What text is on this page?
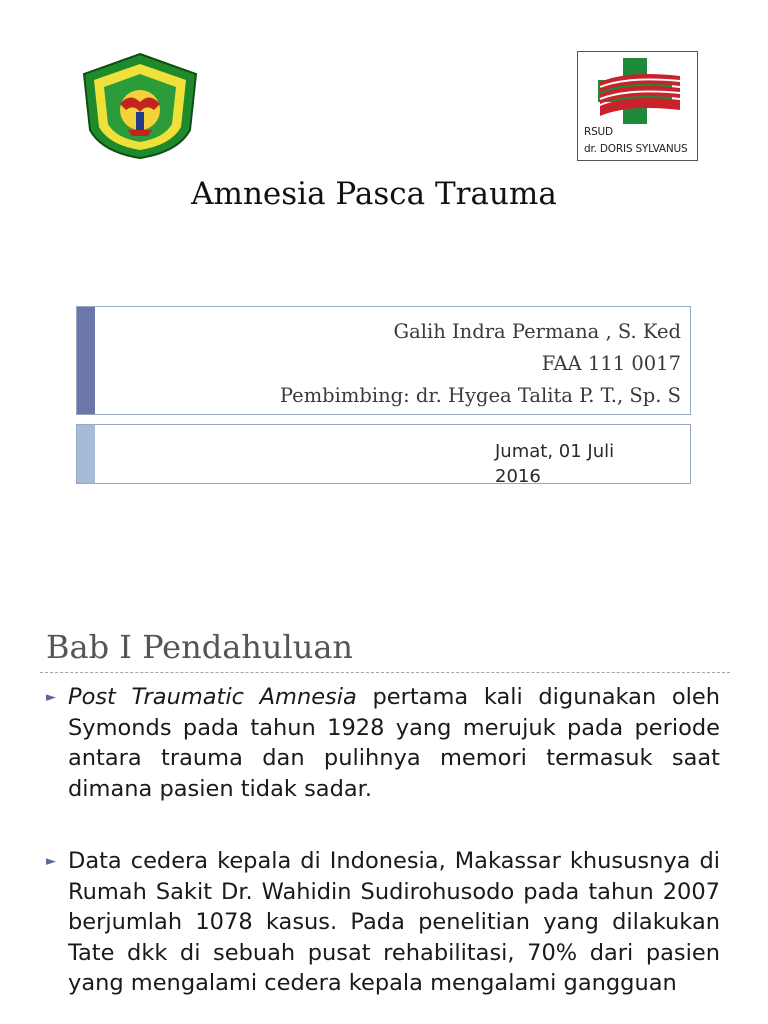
RSUD
dr. DORIS SYLVANUS
Amnesia Pasca Trauma
Galih Indra Permana , S. Ked
FAA 111 0017
Pembimbing: dr. Hygea Talita P. T., Sp. S
Jumat, 01 Juli 2016
Bab I Pendahuluan
► Post Traumatic Amnesia pertama kali digunakan oleh Symonds pada tahun 1928 yang merujuk pada periode antara trauma dan pulihnya memori termasuk saat dimana pasien tidak sadar.
► Data cedera kepala di Indonesia, Makassar khususnya di Rumah Sakit Dr. Wahidin Sudirohusodo pada tahun 2007 berjumlah 1078 kasus. Pada penelitian yang dilakukan Tate dkk di sebuah pusat rehabilitasi, 70% dari pasien yang mengalami cedera kepala mengalami gangguan
